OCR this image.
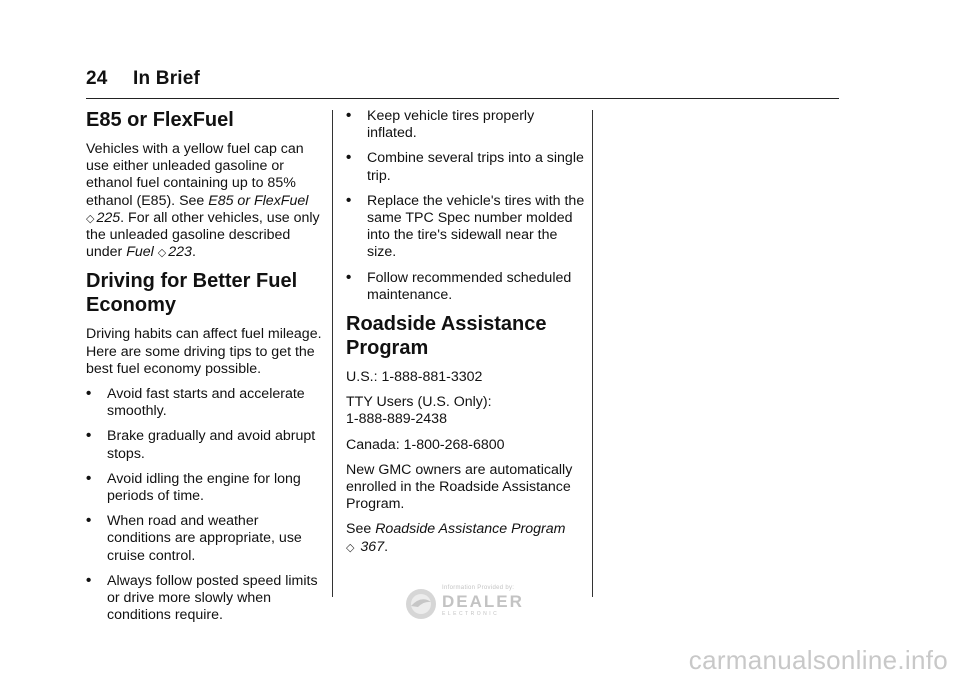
24 In Brief
E85 or FlexFuel

Vehicles with a yellow fuel cap can use either unleaded gasoline or ethanol fuel containing up to 85% ethanol (E85). See E85 or FlexFuel ◇ 225. For all other vehicles, use only the unleaded gasoline described under Fuel ◇ 223.

Driving for Better Fuel Economy

Driving habits can affect fuel mileage. Here are some driving tips to get the best fuel economy possible.

• Avoid fast starts and accelerate smoothly.
• Brake gradually and avoid abrupt stops.
• Avoid idling the engine for long periods of time.
• When road and weather conditions are appropriate, use cruise control.
• Always follow posted speed limits or drive more slowly when conditions require.
• Keep vehicle tires properly inflated.
• Combine several trips into a single trip.
• Replace the vehicle's tires with the same TPC Spec number molded into the tire's sidewall near the size.
• Follow recommended scheduled maintenance.
Roadside Assistance Program

U.S.: 1-888-881-3302

TTY Users (U.S. Only):
1-888-889-2438

Canada: 1-800-268-6800

New GMC owners are automatically enrolled in the Roadside Assistance Program.

See Roadside Assistance Program
◇ 367.

Information Provided by:
DEALER
ELECTRONIC
carmanualsonline.info
